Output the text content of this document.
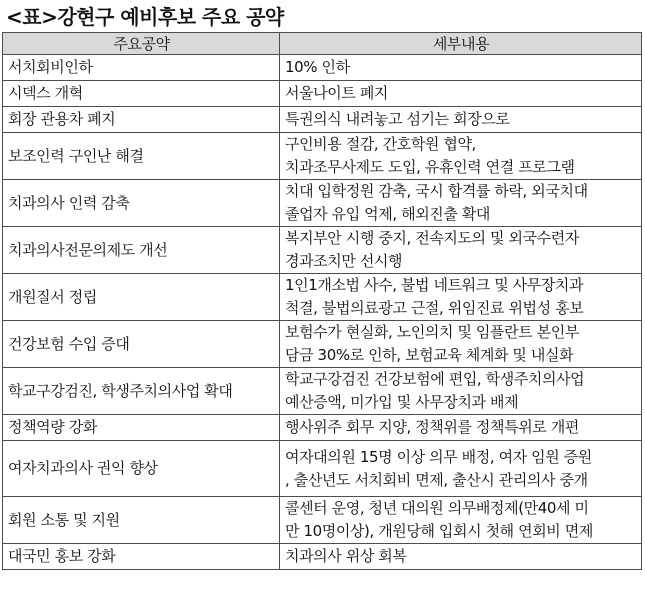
<표>강현구 예비후보 주요 공약
주요공약	세부내용
서치회비인하	10% 인하

시덱스 개혁	서울나이트 폐지

회장 관용차 폐지	특권의식 내려놓고 섬기는 회장으로

보조인력 구인난 해결	구인비용 절감, 간호학원 협약,
치과조무사제도 도입, 유휴인력 연결 프로그램

치과의사 인력 감축	치대 입학정원 감축, 국시 합격률 하락, 외국치대
졸업자 유입 억제, 해외진출 확대

치과의사전문의제도 개선	복지부안 시행 중지, 전속지도의 및 외국수련자
경과조치만 선시행

개원질서 정립	1인1개소법 사수, 불법 네트워크 및 사무장치과
척결, 불법의료광고 근절, 위임진료 위법성 홍보

건강보험 수입 증대	보험수가 현실화, 노인의치 및 임플란트 본인부
담금 30%로 인하, 보험교육 체계화 및 내실화

학교구강검진, 학생주치의사업 확대	학교구강검진 건강보험에 편입, 학생주치의사업
예산증액, 미가입 및 사무장치과 배제

정책역량 강화	행사위주 회무 지양, 정책위를 정책특위로 개편

여자치과의사 권익 향상	여자대의원 15명 이상 의무 배정, 여자 임원 증원
, 출산년도 서치회비 면제, 출산시 관리의사 중개

회원 소통 및 지원	콜센터 운영, 청년 대의원 의무배정제(만40세 미
만 10명이상), 개원당해 입회시 첫해 연회비 면제

대국민 홍보 강화	치과의사 위상 회복
